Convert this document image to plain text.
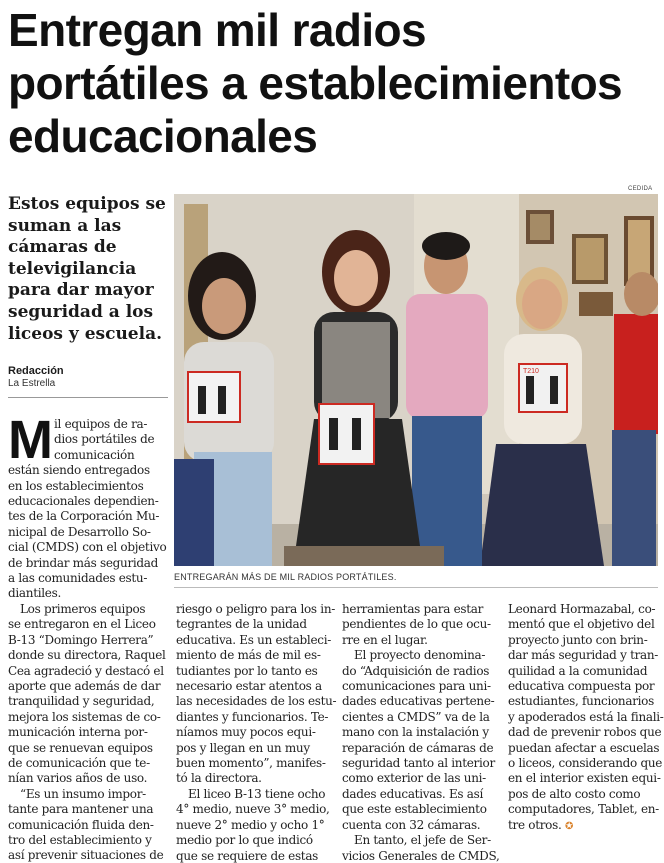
Entregan mil radios
portátiles a establecimientos
educacionales
Estos equipos se
suman a las
cámaras de
televigilancia
para dar mayor
seguridad a los
liceos y escuela.
Redacción
La Estrella
CEDIDA
T210
ENTREGARÁN MÁS DE MIL RADIOS PORTÁTILES.
M il equipos de ra-
dios portátiles de
comunicación
están siendo entregados
en los establecimientos
educacionales dependien-
tes de la Corporación Mu-
nicipal de Desarrollo So-
cial (CMDS) con el objetivo
de brindar más seguridad
a las comunidades estu-
diantiles.
Los primeros equipos
se entregaron en el Liceo
B-13 “Domingo Herrera”
donde su directora, Raquel
Cea agradeció y destacó el
aporte que además de dar
tranquilidad y seguridad,
mejora los sistemas de co-
municación interna por-
que se renuevan equipos
de comunicación que te-
nían varios años de uso.
“Es un insumo impor-
tante para mantener una
comunicación fluida den-
tro del establecimiento y
así prevenir situaciones de
riesgo o peligro para los in-
tegrantes de la unidad
educativa. Es un estableci-
miento de más de mil es-
tudiantes por lo tanto es
necesario estar atentos a
las necesidades de los estu-
diantes y funcionarios. Te-
níamos muy pocos equi-
pos y llegan en un muy
buen momento”, manifes-
tó la directora.
El liceo B-13 tiene ocho
4° medio, nueve 3° medio,
nueve 2° medio y ocho 1°
medio por lo que indicó
que se requiere de estas
herramientas para estar
pendientes de lo que ocu-
rre en el lugar.
El proyecto denomina-
do “Adquisición de radios
comunicaciones para uni-
dades educativas pertene-
cientes a CMDS” va de la
mano con la instalación y
reparación de cámaras de
seguridad tanto al interior
como exterior de las uni-
dades educativas. Es así
que este establecimiento
cuenta con 32 cámaras.
En tanto, el jefe de Ser-
vicios Generales de CMDS,
Leonard Hormazabal, co-
mentó que el objetivo del
proyecto junto con brin-
dar más seguridad y tran-
quilidad a la comunidad
educativa compuesta por
estudiantes, funcionarios
y apoderados está la finali-
dad de prevenir robos que
puedan afectar a escuelas
o liceos, considerando que
en el interior existen equi-
pos de alto costo como
computadores, Tablet, en-
tre otros. ✪
